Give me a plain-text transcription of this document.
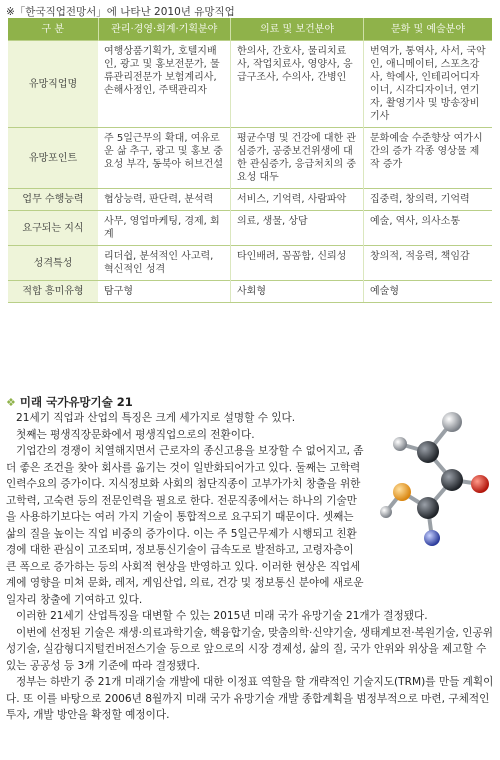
※「한국직업전망서」에 나타난 2010년 유망직업
구 분	관리·경영·회계·기획분야	의료 및 보건분야	문화 및 예술분야
유망직업명	여행상품기획가, 호텔지배인, 광고 및 홍보전문가, 물류관리전문가 보험계리사, 손해사정인, 주택관리자	한의사, 간호사, 물리치료사, 작업치료사, 영양사, 응급구조사, 수의사, 간병인	번역가, 통역사, 사서, 국악인, 애니메이터, 스포츠강사, 학예사, 인테리어디자이너, 시각디자이너, 연기자, 촬영기사 및 방송장비기사
유망포인트	주 5일근무의 확대, 여유로운 삶 추구, 광고 및 홍보 중요성 부각, 동북아 허브건설	평균수명 및 건강에 대한 관심증가, 공중보건위생에 대한 관심증가, 응급처치의 중요성 대두	문화예술 수준향상 여가시간의 증가 각종 영상물 제작 증가
업무 수행능력	협상능력, 판단력, 분석력	서비스, 기억력, 사람파악	집중력, 창의력, 기억력
요구되는 지식	사무, 영업마케팅, 경제, 회계	의료, 생물, 상담	예술, 역사, 의사소통
성격특성	리더쉽, 분석적인 사고력, 혁신적인 성격	타인배려, 꼼꼼함, 신뢰성	창의적, 적응력, 책임감
적합 흥미유형	탐구형	사회형	예술형
❖ 미래 국가유망기술 21

21세기 직업과 산업의 특징은 크게 세가지로 설명할 수 있다.

첫째는 평생직장문화에서 평생직업으로의 전환이다.

기업간의 경쟁이 치열해지면서 근로자의 종신고용을 보장할 수 없어지고, 좀더 좋은 조건을 찾아 회사를 옮기는 것이 일반화되어가고 있다. 둘째는 고학력 인력수요의 증가이다. 지식정보화 사회의 첨단직종이 고부가가치 창출을 위한 고학력, 고숙련 등의 전문인력을 필요로 한다. 전문직종에서는 하나의 기술만을 사용하기보다는 여러 가지 기술이 통합적으로 요구되기 때문이다. 셋째는 삶의 질을 높이는 직업 비중의 증가이다. 이는 주 5일근무제가 시행되고 친환경에 대한 관심이 고조되며, 정보통신기술이 급속도로 발전하고, 고령자층이 큰 폭으로 증가하는 등의 사회적 현상을 반영하고 있다. 이러한 현상은 직업세계에 영향을 미쳐 문화, 레저, 게임산업, 의료, 건강 및 정보통신 분야에 새로운 일자리 창출에 기여하고 있다.

이러한 21세기 산업특징을 대변할 수 있는 2015년 미래 국가 유망기술 21개가 결정됐다.

이번에 선정된 기술은 재생·의료과학기술, 핵융합기술, 맞춤의학·신약기술, 생태계보전·복원기술, 인공위성기술, 실감형디지털컨버전스기술 등으로 앞으로의 시장 경제성, 삶의 질, 국가 안위와 위상을 제고할 수 있는 공공성 등 3개 기준에 따라 결정됐다.

정부는 하반기 중 21개 미래기술 개발에 대한 이정표 역할을 할 개략적인 기술지도(TRM)를 만들 계획이다. 또 이를 바탕으로 2006년 8월까지 미래 국가 유망기술 개발 종합계획을 범정부적으로 마련, 구체적인 투자, 개발 방안을 확정할 예정이다.
